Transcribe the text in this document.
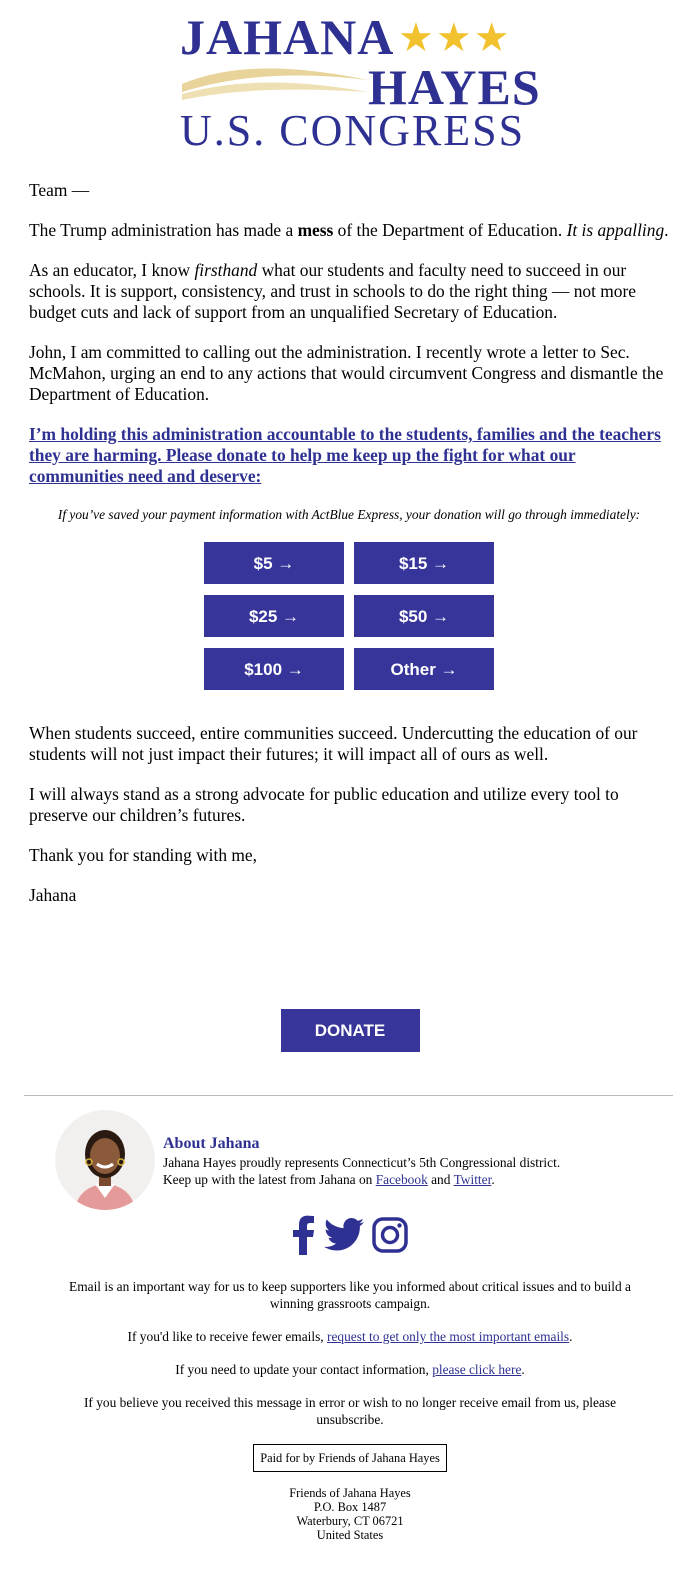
JAHANA ★★★
HAYES
U.S. CONGRESS

Team —

The Trump administration has made a mess of the Department of Education. It is appalling.

As an educator, I know firsthand what our students and faculty need to succeed in our schools. It is support, consistency, and trust in schools to do the right thing — not more budget cuts and lack of support from an unqualified Secretary of Education.

John, I am committed to calling out the administration. I recently wrote a letter to Sec. McMahon, urging an end to any actions that would circumvent Congress and dismantle the Department of Education.

I’m holding this administration accountable to the students, families and the teachers they are harming. Please donate to help me keep up the fight for what our communities need and deserve:

If you’ve saved your payment information with ActBlue Express, your donation will go through immediately:

$5 →	$15 →
$25 →	$50 →
$100 →	Other →

When students succeed, entire communities succeed. Undercutting the education of our students will not just impact their futures; it will impact all of ours as well.

I will always stand as a strong advocate for public education and utilize every tool to preserve our children’s futures.

Thank you for standing with me,

Jahana

DONATE
About Jahana
Jahana Hayes proudly represents Connecticut’s 5th Congressional district.
Keep up with the latest from Jahana on Facebook and Twitter.

Email is an important way for us to keep supporters like you informed about critical issues and to build a winning grassroots campaign.

If you'd like to receive fewer emails, request to get only the most important emails.

If you need to update your contact information, please click here.

If you believe you received this message in error or wish to no longer receive email from us, please unsubscribe.

Paid for by Friends of Jahana Hayes

Friends of Jahana Hayes
P.O. Box 1487
Waterbury, CT 06721
United States
